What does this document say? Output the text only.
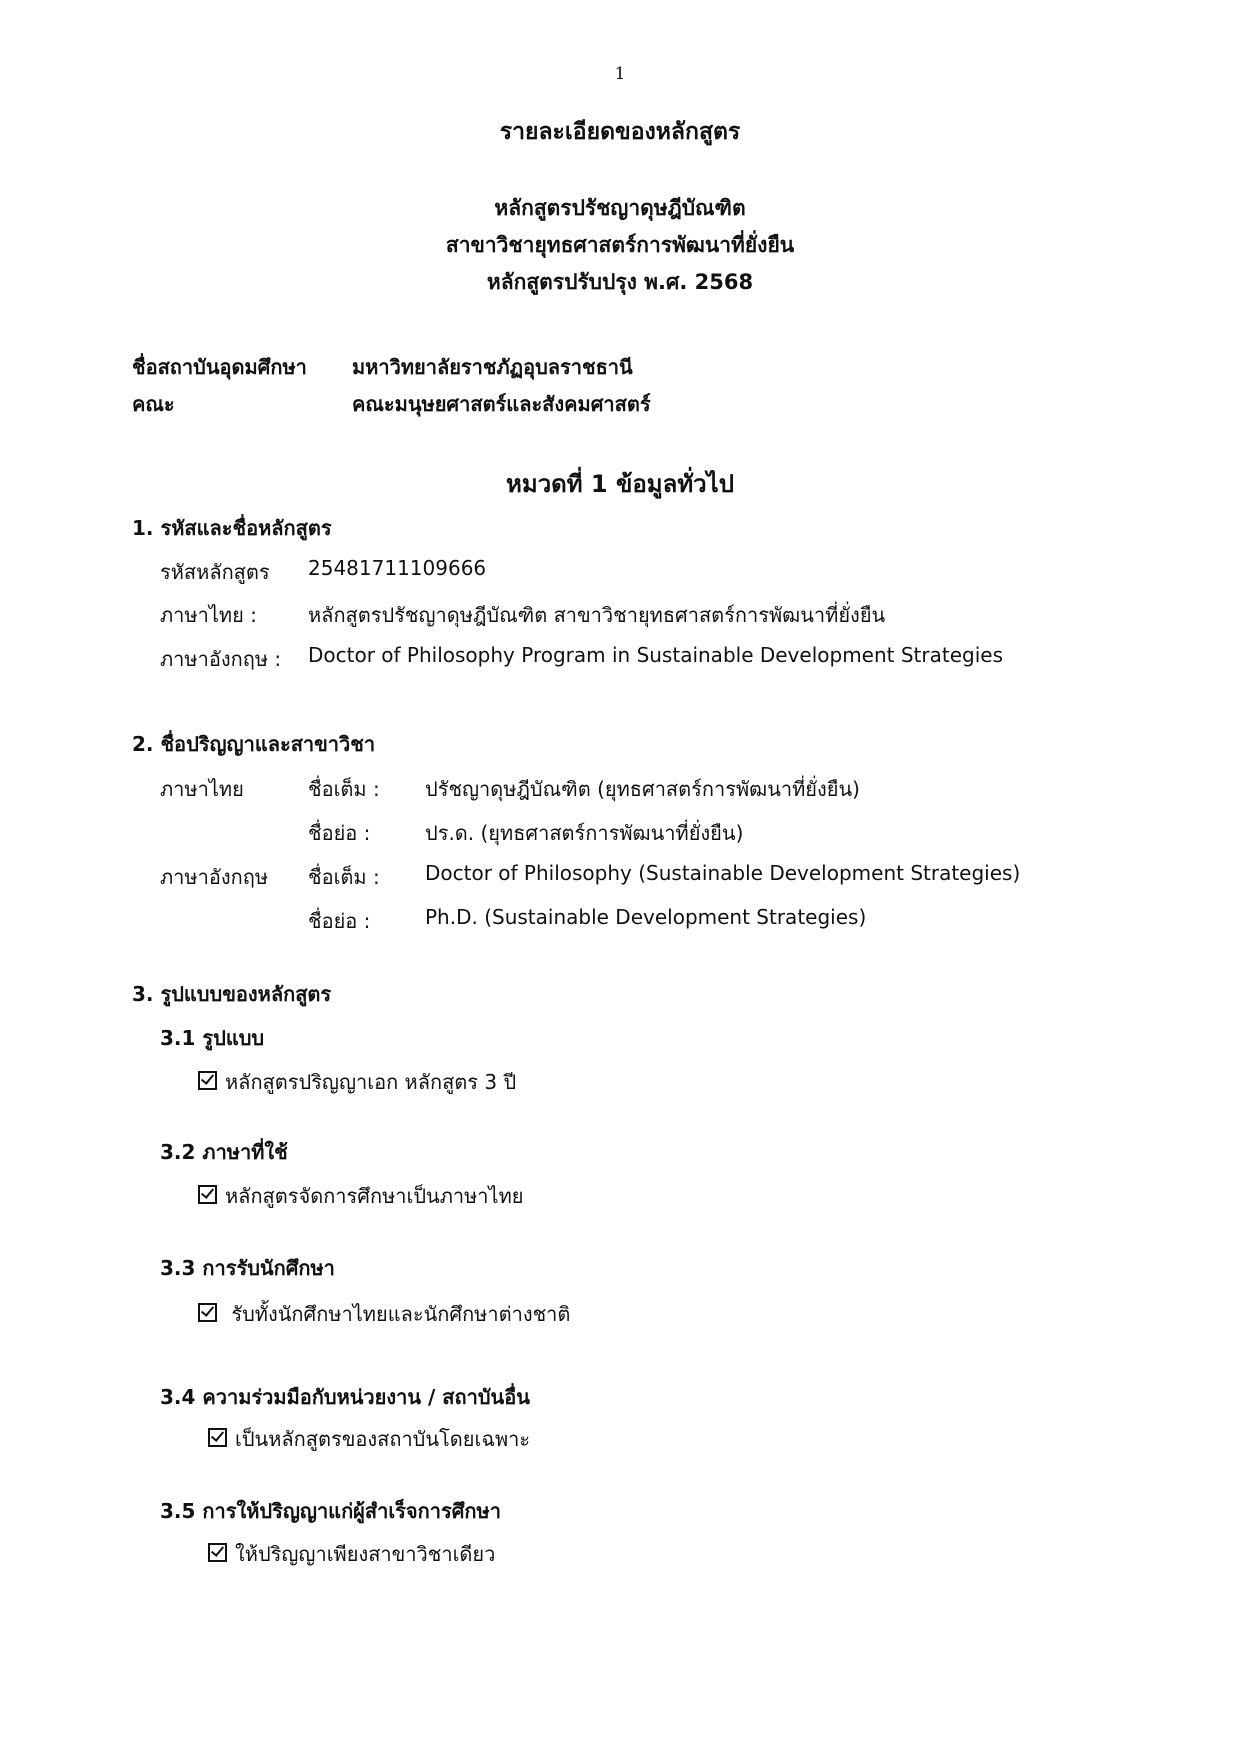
1
รายละเอียดของหลักสูตร
หลักสูตรปรัชญาดุษฎีบัณฑิต
สาขาวิชายุทธศาสตร์การพัฒนาที่ยั่งยืน
หลักสูตรปรับปรุง พ.ศ. 2568
ชื่อสถาบันอุดมศึกษา มหาวิทยาลัยราชภัฏอุบลราชธานี
คณะ	คณะมนุษยศาสตร์และสังคมศาสตร์
หมวดที่ 1 ข้อมูลทั่วไป
1. รหัสและชื่อหลักสูตร
รหัสหลักสูตร 25481711109666
ภาษาไทย :	หลักสูตรปรัชญาดุษฎีบัณฑิต สาขาวิชายุทธศาสตร์การพัฒนาที่ยั่งยืน
ภาษาอังกฤษ : Doctor of Philosophy Program in Sustainable Development Strategies
2. ชื่อปริญญาและสาขาวิชา
ภาษาไทย	ชื่อเต็ม : ปรัชญาดุษฎีบัณฑิต (ยุทธศาสตร์การพัฒนาที่ยั่งยืน)
ชื่อย่อ :	ปร.ด. (ยุทธศาสตร์การพัฒนาที่ยั่งยืน)
ภาษาอังกฤษ ชื่อเต็ม : Doctor of Philosophy (Sustainable Development Strategies)
ชื่อย่อ :	Ph.D. (Sustainable Development Strategies)
3. รูปแบบของหลักสูตร
3.1 รูปแบบ
หลักสูตรปริญญาเอก หลักสูตร 3 ปี
3.2 ภาษาที่ใช้
หลักสูตรจัดการศึกษาเป็นภาษาไทย
3.3 การรับนักศึกษา
รับทั้งนักศึกษาไทยและนักศึกษาต่างชาติ
3.4 ความร่วมมือกับหน่วยงาน / สถาบันอื่น
เป็นหลักสูตรของสถาบันโดยเฉพาะ
3.5 การให้ปริญญาแก่ผู้สำเร็จการศึกษา
ให้ปริญญาเพียงสาขาวิชาเดียว
